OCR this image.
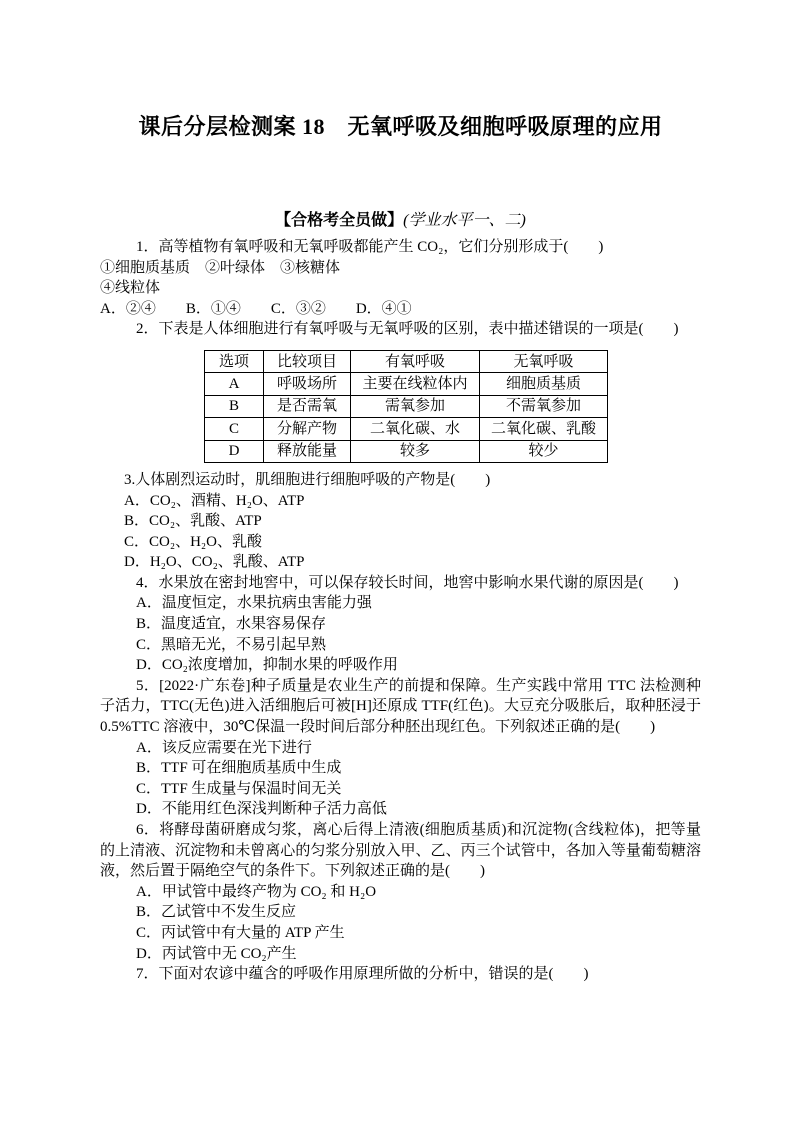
课后分层检测案 18　无氧呼吸及细胞呼吸原理的应用
【合格考全员做】(学业水平一、二)

1．高等植物有氧呼吸和无氧呼吸都能产生 CO₂，它们分别形成于(　　)

①细胞质基质　②叶绿体　③核糖体

④线粒体

A．②④　　B．①④　　C．③②　　D．④①

2．下表是人体细胞进行有氧呼吸与无氧呼吸的区别，表中描述错误的一项是(　　)

选项	比较项目	有氧呼吸	无氧呼吸
A	呼吸场所	主要在线粒体内	细胞质基质
B	是否需氧	需氧参加	不需氧参加
C	分解产物	二氧化碳、水	二氧化碳、乳酸
D	释放能量	较多	较少

3.人体剧烈运动时，肌细胞进行细胞呼吸的产物是(　　)

A．CO₂、酒精、H₂O、ATP

B．CO₂、乳酸、ATP

C．CO₂、H₂O、乳酸

D．H₂O、CO₂、乳酸、ATP

4．水果放在密封地窖中，可以保存较长时间，地窖中影响水果代谢的原因是(　　)

A．温度恒定，水果抗病虫害能力强

B．温度适宜，水果容易保存

C．黑暗无光，不易引起早熟

D．CO₂浓度增加，抑制水果的呼吸作用

5．[2022·广东卷]种子质量是农业生产的前提和保障。生产实践中常用 TTC 法检测种子活力，TTC(无色)进入活细胞后可被[H]还原成 TTF(红色)。大豆充分吸胀后，取种胚浸于0.5%TTC 溶液中，30℃保温一段时间后部分种胚出现红色。下列叙述正确的是(　　)

A．该反应需要在光下进行

B．TTF 可在细胞质基质中生成

C．TTF 生成量与保温时间无关

D．不能用红色深浅判断种子活力高低

6．将酵母菌研磨成匀浆，离心后得上清液(细胞质基质)和沉淀物(含线粒体)，把等量的上清液、沉淀物和未曾离心的匀浆分别放入甲、乙、丙三个试管中，各加入等量葡萄糖溶液，然后置于隔绝空气的条件下。下列叙述正确的是(　　)

A．甲试管中最终产物为 CO₂ 和 H₂O

B．乙试管中不发生反应

C．丙试管中有大量的 ATP 产生

D．丙试管中无 CO₂产生

7．下面对农谚中蕴含的呼吸作用原理所做的分析中，错误的是(　　)
